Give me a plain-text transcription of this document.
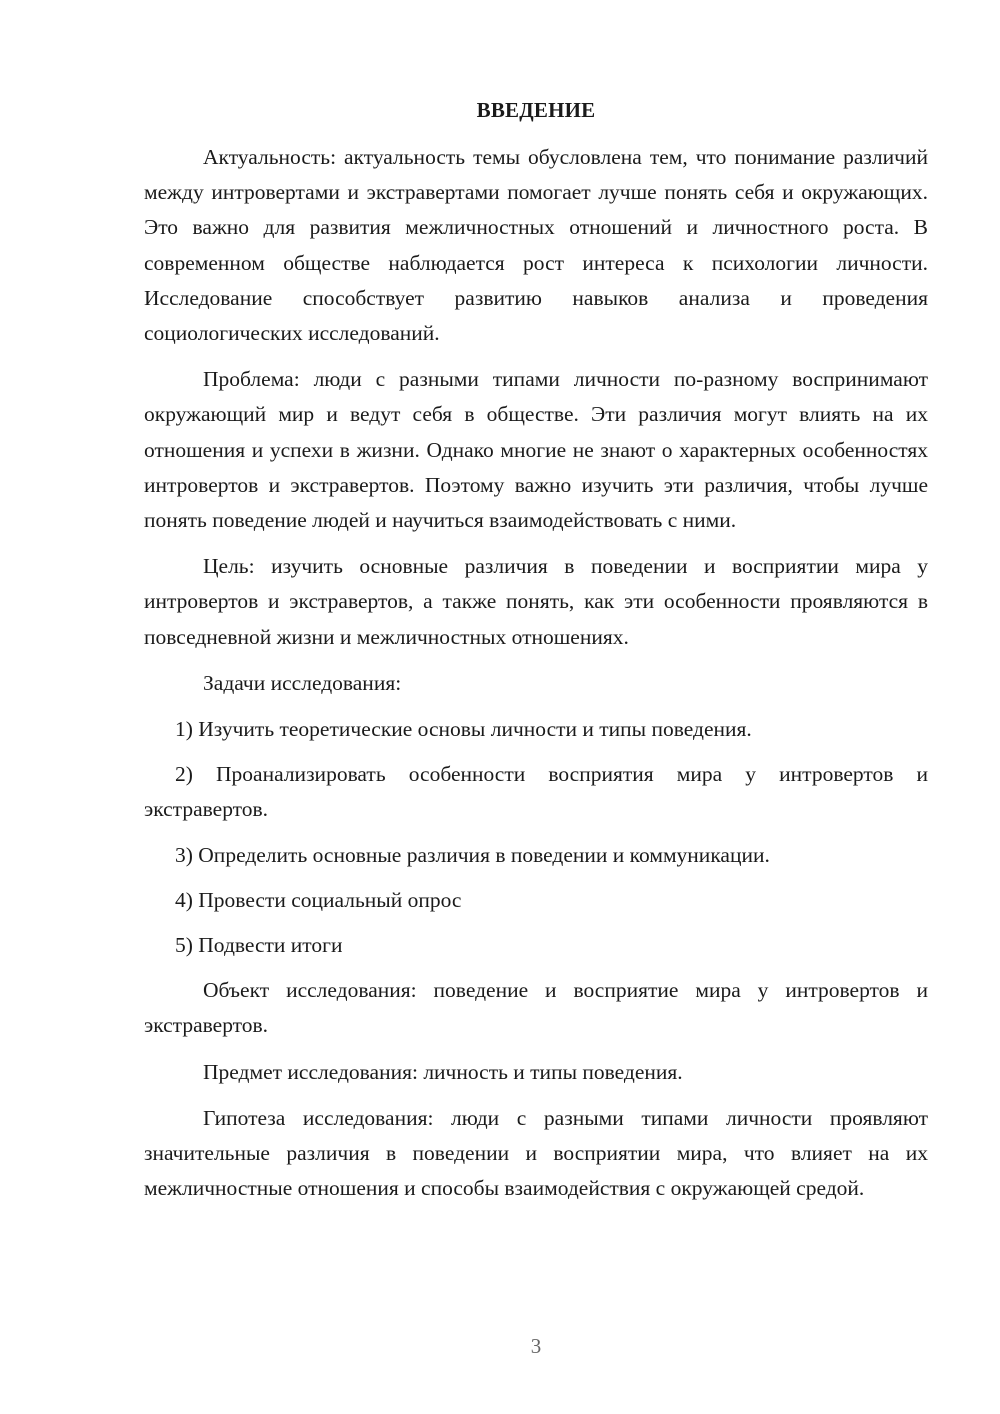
ВВЕДЕНИЕ

Актуальность: актуальность темы обусловлена тем, что понимание различий между интровертами и экстравертами помогает лучше понять себя и окружающих. Это важно для развития межличностных отношений и личностного роста. В современном обществе наблюдается рост интереса к психологии личности. Исследование способствует развитию навыков анализа и проведения социологических исследований.

Проблема: люди с разными типами личности по-разному воспринимают окружающий мир и ведут себя в обществе. Эти различия могут влиять на их отношения и успехи в жизни. Однако многие не знают о характерных особенностях интровертов и экстравертов. Поэтому важно изучить эти различия, чтобы лучше понять поведение людей и научиться взаимодействовать с ними.

Цель: изучить основные различия в поведении и восприятии мира у интровертов и экстравертов, а также понять, как эти особенности проявляются в повседневной жизни и межличностных отношениях.

Задачи исследования:

1) Изучить теоретические основы личности и типы поведения.

2) Проанализировать особенности восприятия мира у интровертов и экстравертов.

3) Определить основные различия в поведении и коммуникации.

4) Провести социальный опрос

5) Подвести итоги

Объект исследования: поведение и восприятие мира у интровертов и экстравертов.

Предмет исследования: личность и типы поведения.

Гипотеза исследования: люди с разными типами личности проявляют значительные различия в поведении и восприятии мира, что влияет на их межличностные отношения и способы взаимодействия с окружающей средой.

3
